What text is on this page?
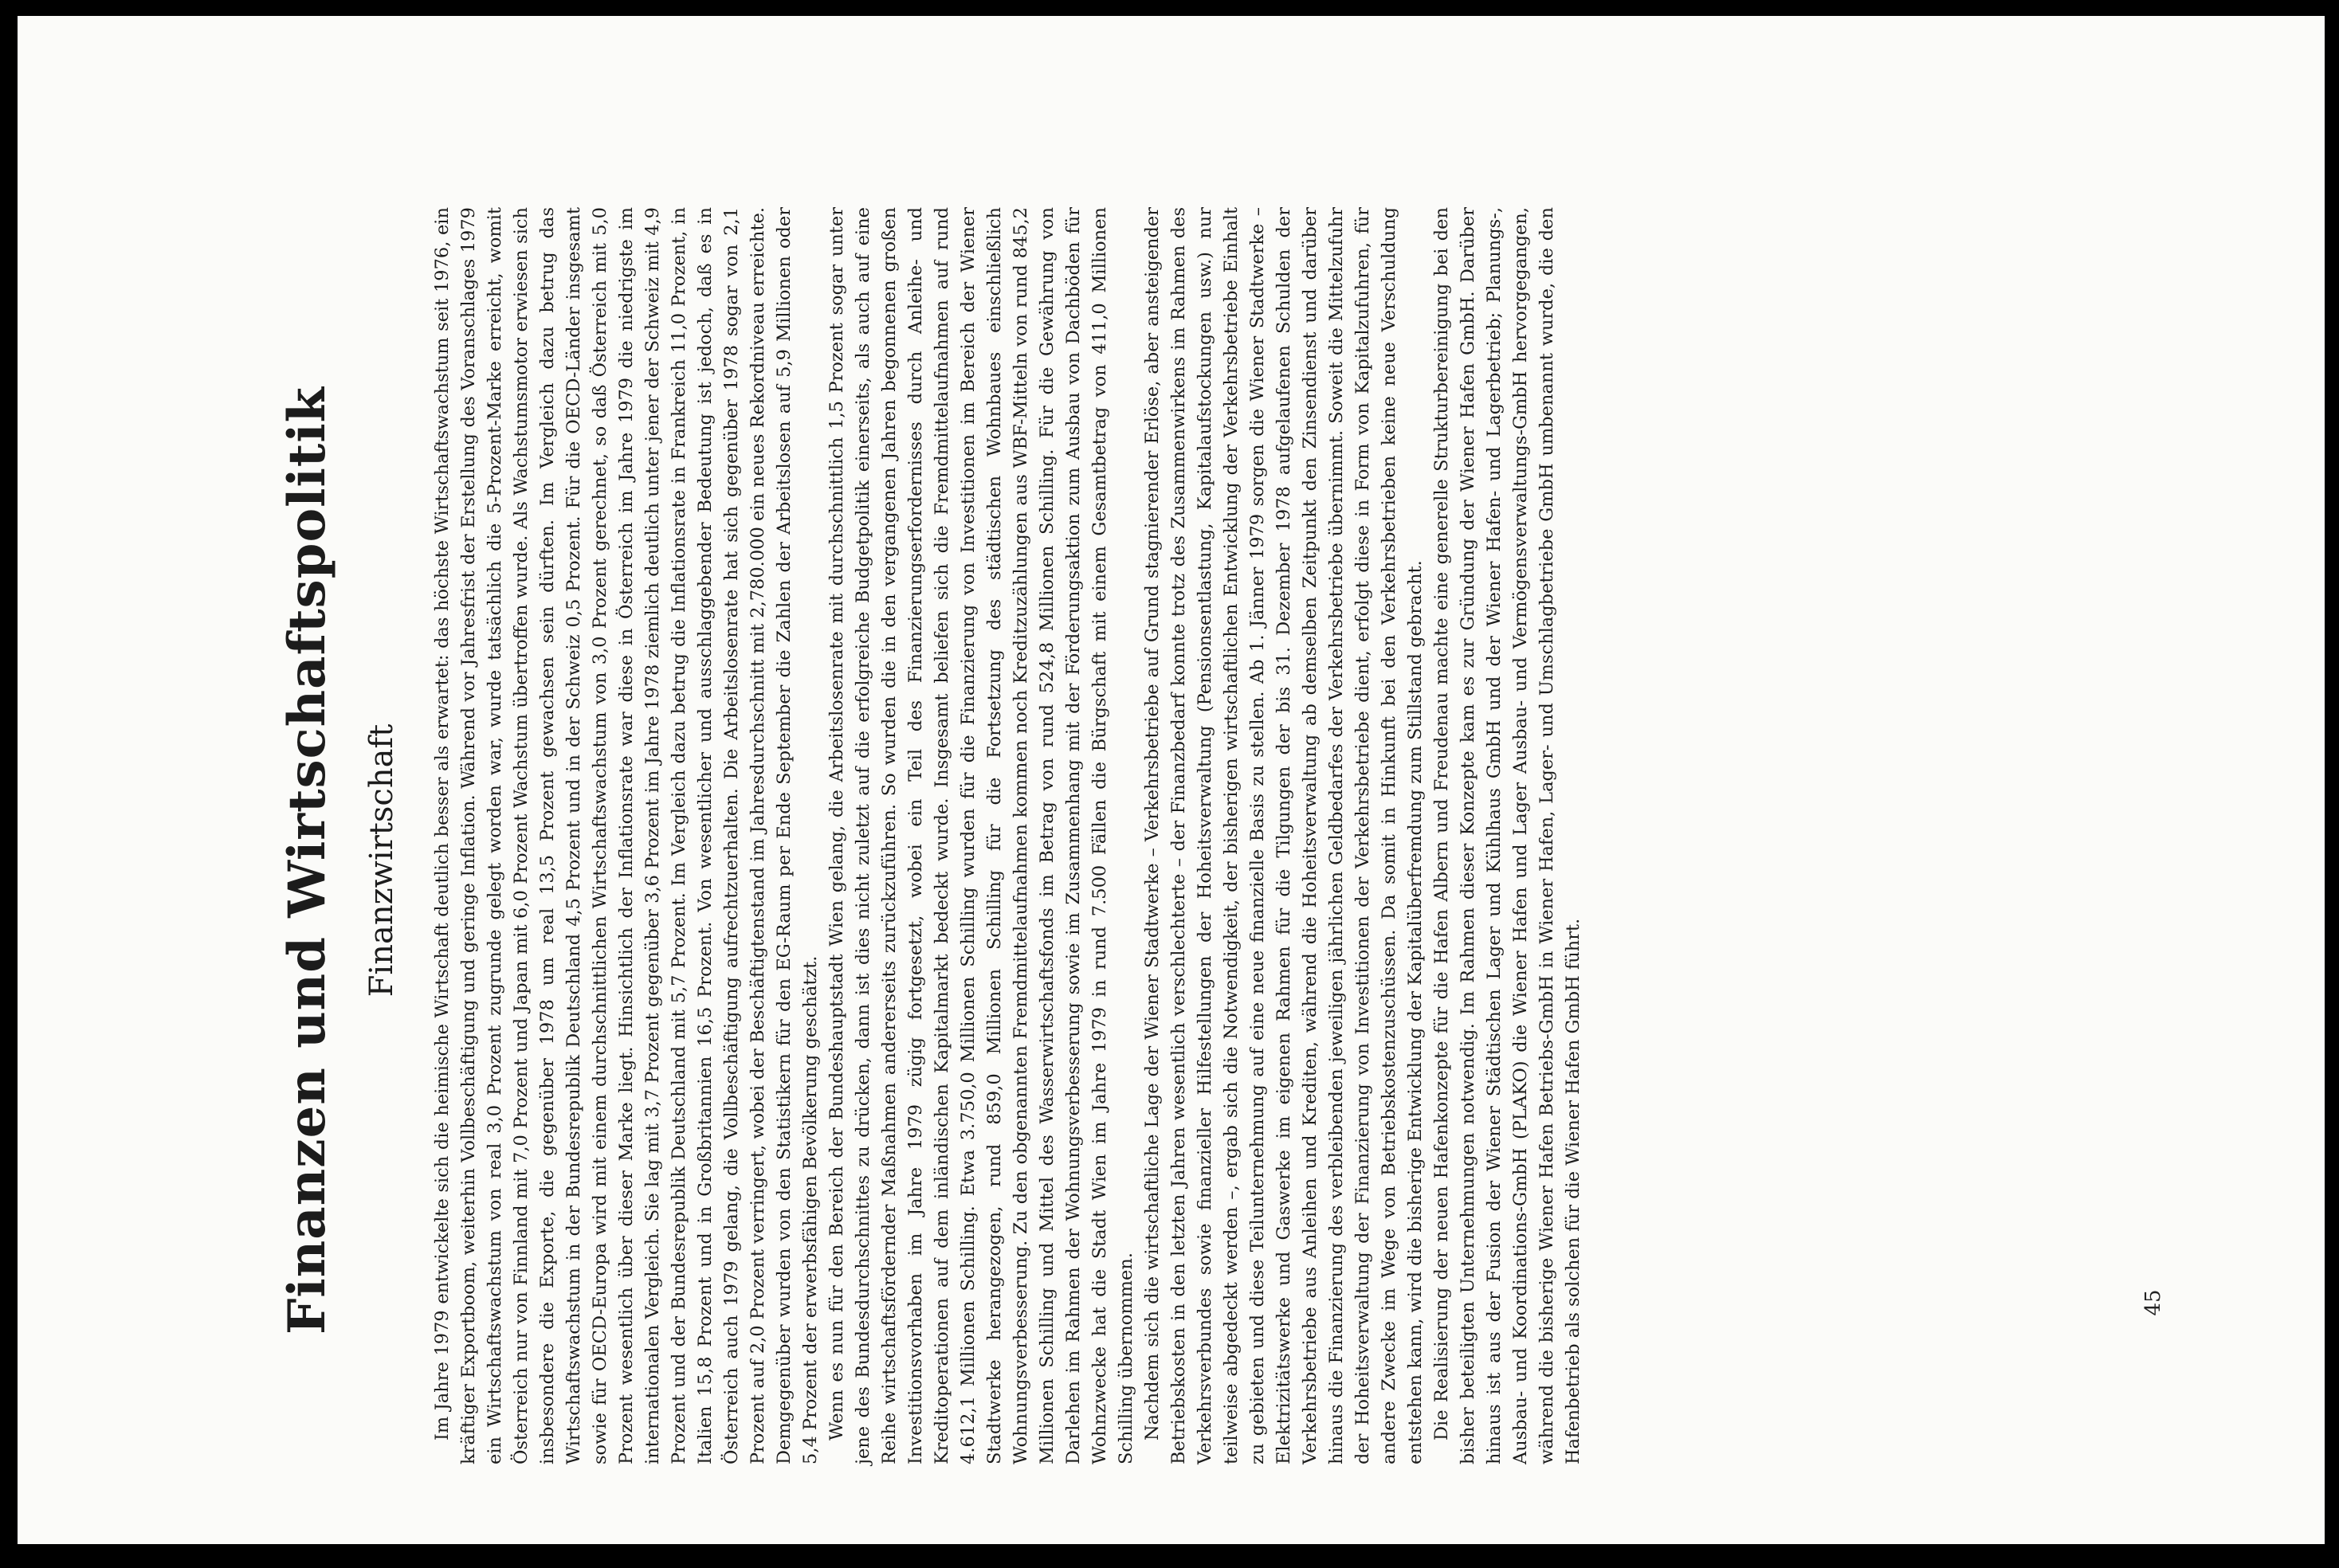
Finanzen und Wirtschaftspolitik Finanzwirtschaft Im Jahre 1979 entwickelte sich die heimische Wirtschaft deutlich besser als erwartet: das höchste Wirtschaftswachstum seit 1976, ein kräftiger Exportboom, weiterhin Vollbeschäftigung und geringe Inflation. Während vor Jahresfrist der Erstellung des Voranschlages 1979 ein Wirtschaftswachstum von real 3,0 Prozent zugrunde gelegt worden war, wurde tatsächlich die 5-Prozent-Marke erreicht, womit Österreich nur von Finnland mit 7,0 Prozent und Japan mit 6,0 Prozent Wachstum übertroffen wurde. Als Wachstumsmotor erwiesen sich insbesondere die Exporte, die gegenüber 1978 um real 13,5 Prozent gewachsen sein dürften. Im Vergleich dazu betrug das Wirtschaftswachstum in der Bundesrepublik Deutschland 4,5 Prozent und in der Schweiz 0,5 Prozent. Für die OECD-Länder insgesamt sowie für OECD-Europa wird mit einem durchschnittlichen Wirtschaftswachstum von 3,0 Prozent gerechnet, so daß Österreich mit 5,0 Prozent wesentlich über dieser Marke liegt. Hinsichtlich der Inflationsrate war diese in Österreich im Jahre 1979 die niedrigste im internationalen Vergleich. Sie lag mit 3,7 Prozent gegenüber 3,6 Prozent im Jahre 1978 ziemlich deutlich unter jener der Schweiz mit 4,9 Prozent und der Bundesrepublik Deutschland mit 5,7 Prozent. Im Vergleich dazu betrug die Inflationsrate in Frankreich 11,0 Prozent, in Italien 15,8 Prozent und in Großbritannien 16,5 Prozent. Von wesentlicher und ausschlaggebender Bedeutung ist jedoch, daß es in Österreich auch 1979 gelang, die Vollbeschäftigung aufrechtzuerhalten. Die Arbeitslosenrate hat sich gegenüber 1978 sogar von 2,1 Prozent auf 2,0 Prozent verringert, wobei der Beschäftigtenstand im Jahresdurchschnitt mit 2,780.000 ein neues Rekordniveau erreichte. Demgegenüber wurden von den Statistikern für den EG-Raum per Ende September die Zahlen der Arbeitslosen auf 5,9 Millionen oder 5,4 Prozent der erwerbsfähigen Bevölkerung geschätzt. Wenn es nun für den Bereich der Bundeshauptstadt Wien gelang, die Arbeitslosenrate mit durchschnittlich 1,5 Prozent sogar unter jene des Bundesdurchschnittes zu drücken, dann ist dies nicht zuletzt auf die erfolgreiche Budgetpolitik einerseits, als auch auf eine Reihe wirtschaftsfördernder Maßnahmen andererseits zurückzuführen. So wurden die in den vergangenen Jahren begonnenen großen Investitionsvorhaben im Jahre 1979 zügig fortgesetzt, wobei ein Teil des Finanzierungserfordernisses durch Anleihe- und Kreditoperationen auf dem inländischen Kapitalmarkt bedeckt wurde. Insgesamt beliefen sich die Fremdmittelaufnahmen auf rund 4.612,1 Millionen Schilling. Etwa 3.750,0 Millionen Schilling wurden für die Finanzierung von Investitionen im Bereich der Wiener Stadtwerke herangezogen, rund 859,0 Millionen Schilling für die Fortsetzung des städtischen Wohnbaues einschließlich Wohnungsverbesserung. Zu den obgenannten Fremdmittelaufnahmen kommen noch Kreditzuzählungen aus WBF-Mitteln von rund 845,2 Millionen Schilling und Mittel des Wasserwirtschaftsfonds im Betrag von rund 524,8 Millionen Schilling. Für die Gewährung von Darlehen im Rahmen der Wohnungsverbesserung sowie im Zusammenhang mit der Förderungsaktion zum Ausbau von Dachböden für Wohnzwecke hat die Stadt Wien im Jahre 1979 in rund 7.500 Fällen die Bürgschaft mit einem Gesamtbetrag von 411,0 Millionen Schilling übernommen. Nachdem sich die wirtschaftliche Lage der Wiener Stadtwerke – Verkehrsbetriebe auf Grund stagnierender Erlöse, aber ansteigender Betriebskosten in den letzten Jahren wesentlich verschlechterte – der Finanzbedarf konnte trotz des Zusammenwirkens im Rahmen des Verkehrsverbundes sowie finanzieller Hilfestellungen der Hoheitsverwaltung (Pensionsentlastung, Kapitalaufstockungen usw.) nur teilweise abgedeckt werden –, ergab sich die Notwendigkeit, der bisherigen wirtschaftlichen Entwicklung der Verkehrsbetriebe Einhalt zu gebieten und diese Teilunternehmung auf eine neue finanzielle Basis zu stellen. Ab 1. Jänner 1979 sorgen die Wiener Stadtwerke – Elektrizitätswerke und Gaswerke im eigenen Rahmen für die Tilgungen der bis 31. Dezember 1978 aufgelaufenen Schulden der Verkehrsbetriebe aus Anleihen und Krediten, während die Hoheitsverwaltung ab demselben Zeitpunkt den Zinsendienst und darüber hinaus die Finanzierung des verbleibenden jeweiligen jährlichen Geldbedarfes der Verkehrsbetriebe übernimmt. Soweit die Mittelzufuhr der Hoheitsverwaltung der Finanzierung von Investitionen der Verkehrsbetriebe dient, erfolgt diese in Form von Kapitalzufuhren, für andere Zwecke im Wege von Betriebskostenzuschüssen. Da somit in Hinkunft bei den Verkehrsbetrieben keine neue Verschuldung entstehen kann, wird die bisherige Entwicklung der Kapitalüberfremdung zum Stillstand gebracht. Die Realisierung der neuen Hafenkonzepte für die Hafen Albern und Freudenau machte eine generelle Strukturbereinigung bei den bisher beteiligten Unternehmungen notwendig. Im Rahmen dieser Konzepte kam es zur Gründung der Wiener Hafen GmbH. Darüber hinaus ist aus der Fusion der Wiener Städtischen Lager und Kühlhaus GmbH und der Wiener Hafen- und Lagerbetrieb; Planungs-, Ausbau- und Koordinations-GmbH (PLAKO) die Wiener Hafen und Lager Ausbau- und Vermögensverwaltungs-GmbH hervorgegangen, während die bisherige Wiener Hafen Betriebs-GmbH in Wiener Hafen, Lager- und Umschlagbetriebe GmbH umbenannt wurde, die den Hafenbetrieb als solchen für die Wiener Hafen GmbH führt.	45
